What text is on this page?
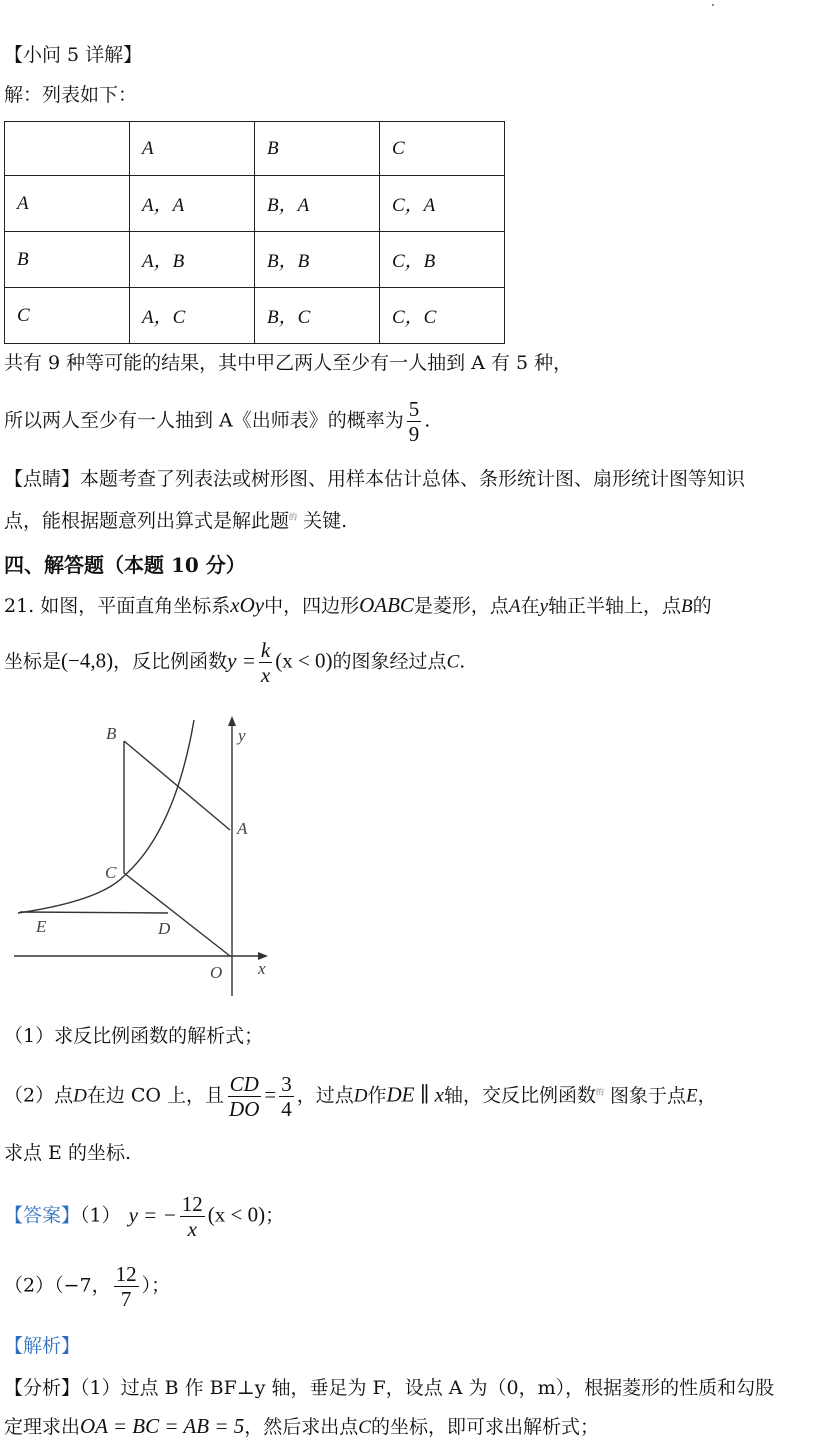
【小问 5 详解】
解：列表如下：
	A	B	C
A	A，A	B，A	C，A
B	A，B	B，B	C，B
C	A，C	B，C	C，C
共有 9 种等可能的结果，其中甲乙两人至少有一人抽到 A 有 5 种，
所以两人至少有一人抽到 A《出师表》的概率为 $\frac{5}{9}$ .
【点睛】本题考查了列表法或树形图、用样本估计总体、条形统计图、扇形统计图等知识
点，能根据题意列出算式是解此题$^的$ 关键.
四、解答题（本题 10 分）
21. 如图，平面直角坐标系xOy中，四边形OABC是菱形，点A在y轴正半轴上，点B的
坐标是(−4,8)，反比例函数$y = \frac{k}{x} (x < 0)$的图象经过点C.
B	y
A
C
E	D
O x
（1）求反比例函数的解析式；
（2）点D在边 CO 上，且 $\frac{CD}{DO} = \frac{3}{4}$ ，过点D作DE ∥ x轴，交反比例函数$^的$ 图象于点E，
求点 E 的坐标.
【答案】（1） y = − $\frac{12}{x} (x < 0)$；
（2）（−7， $\frac{12}{7}$ ）；
【解析】
【分析】（1）过点 B 作 BF⊥y 轴，垂足为 F，设点 A 为（0，m），根据菱形的性质和勾股
定理求出OA = BC = AB = 5，然后求出点C的坐标，即可求出解析式；
